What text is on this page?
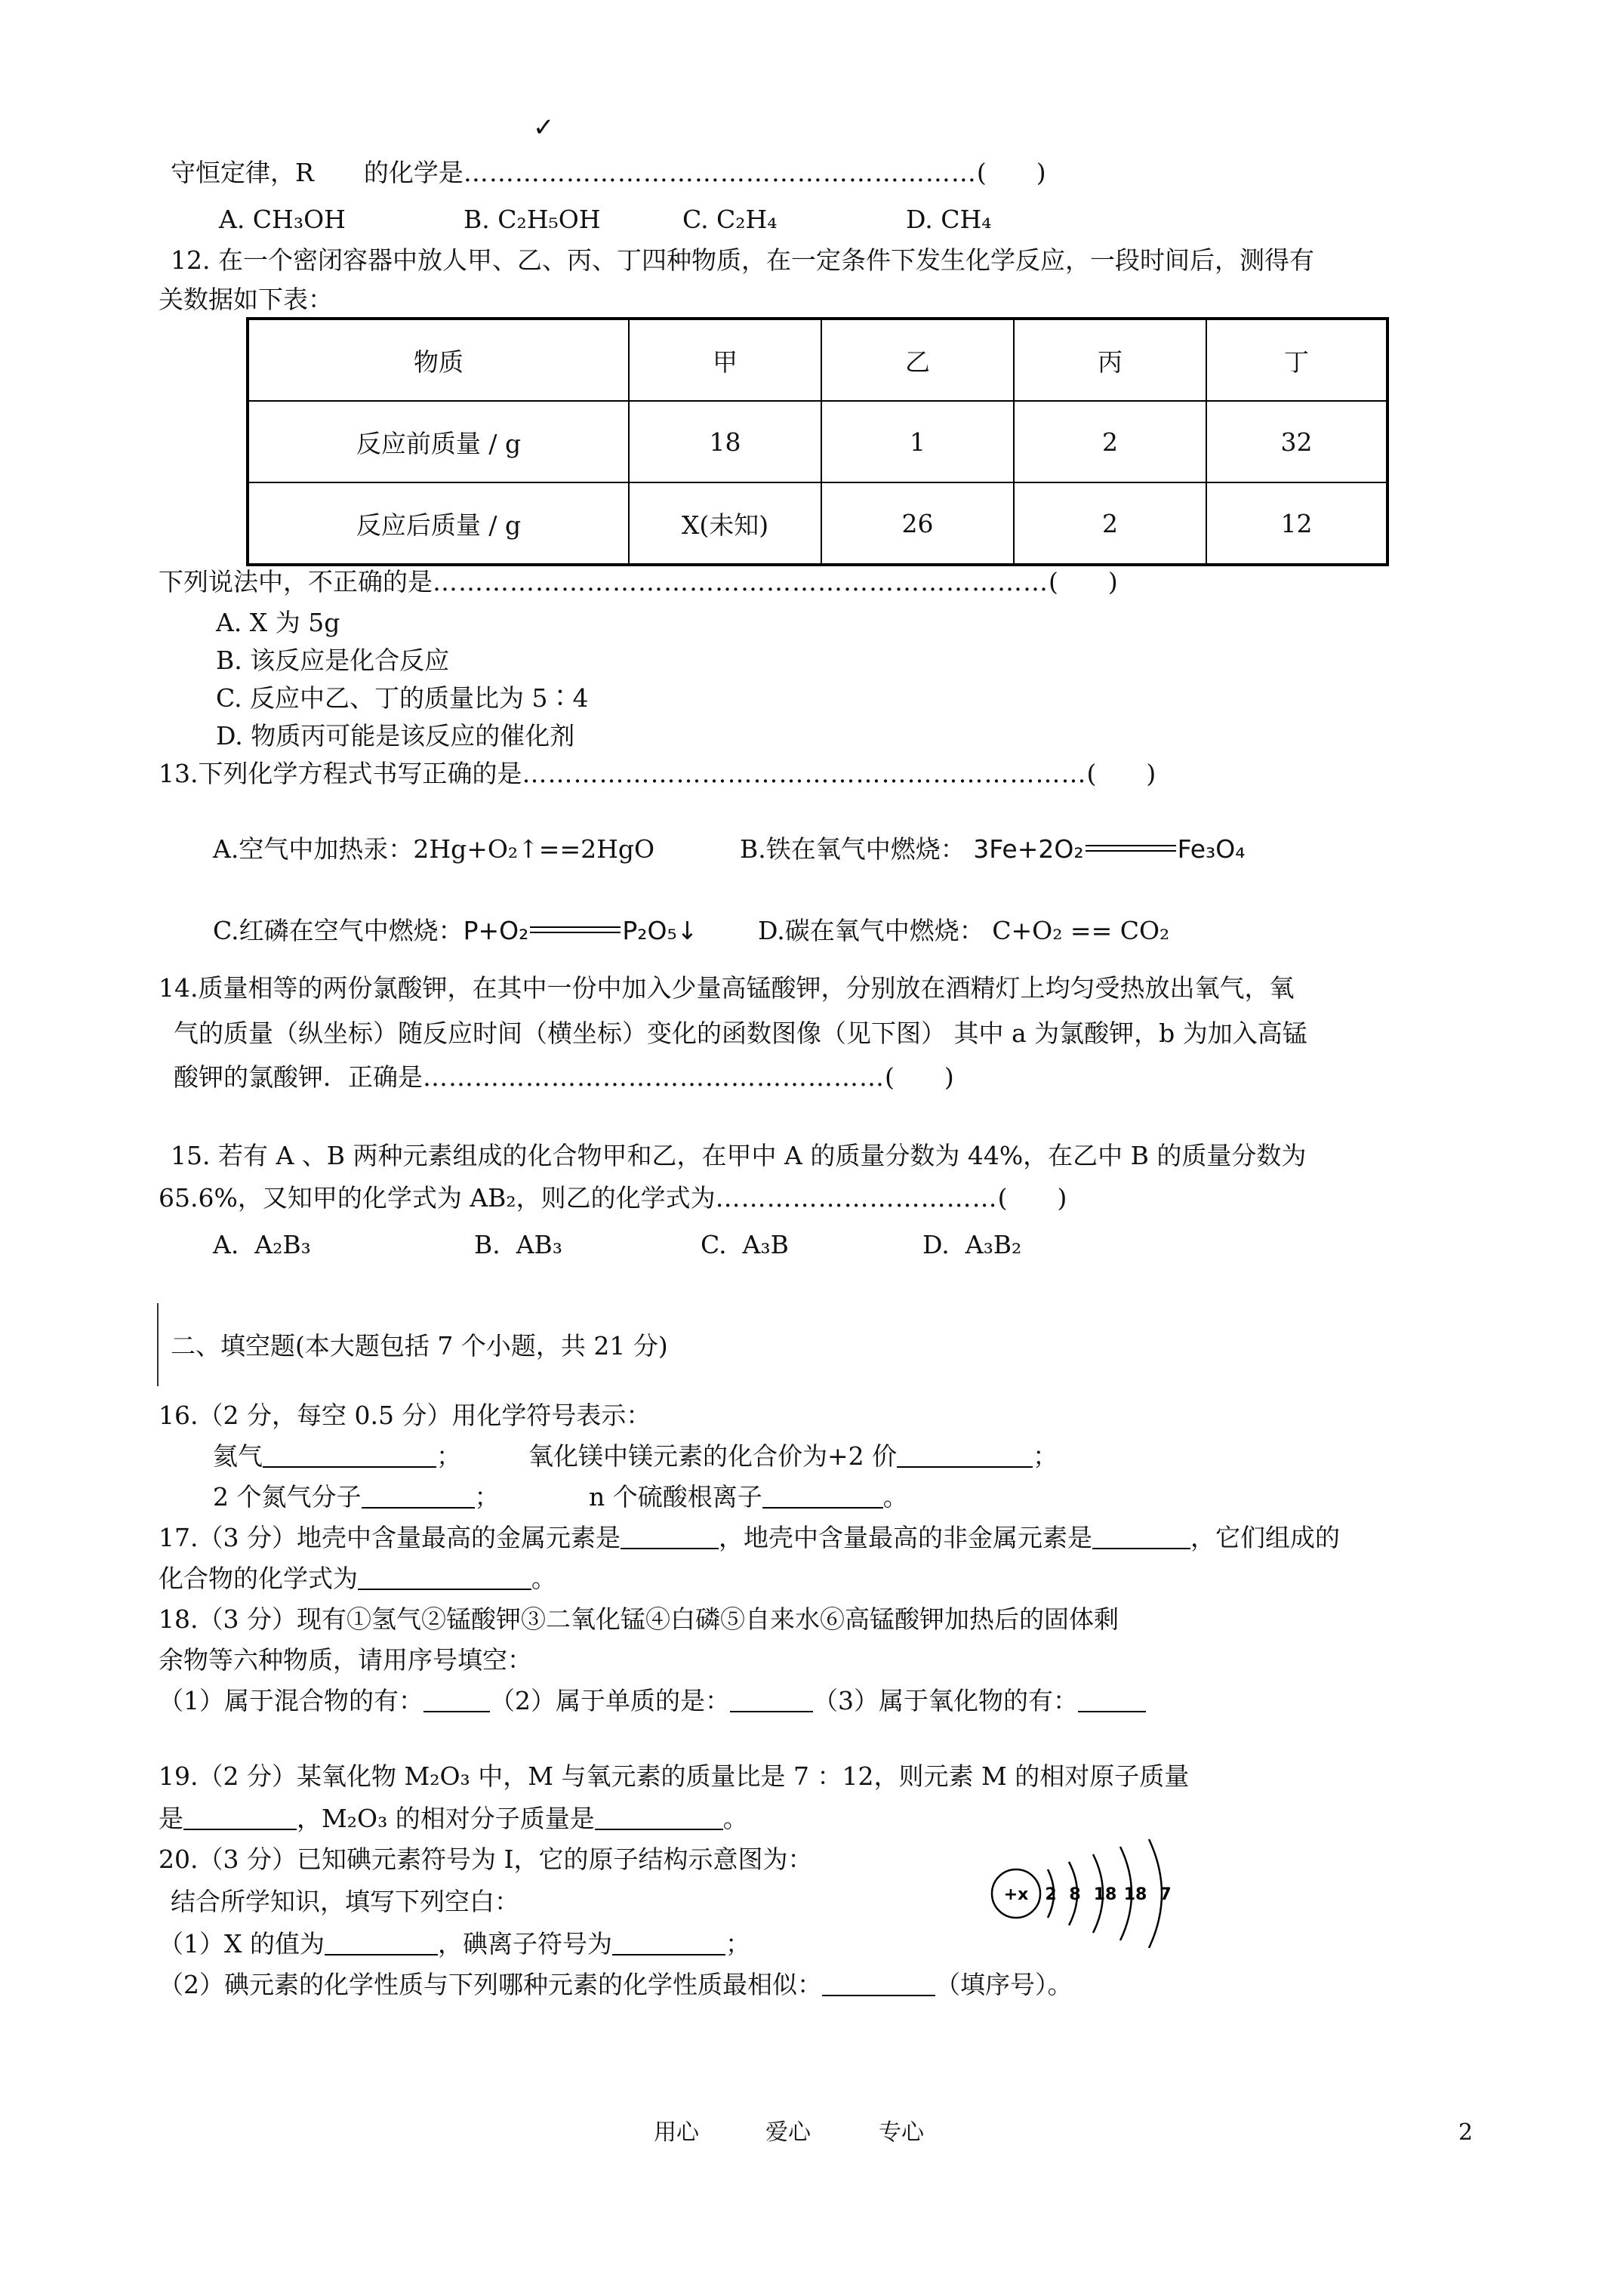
✓
守恒定律，R　　的化学是……………………………………………………(　　)
A. CH₃OH	B. C₂H₅OH	C. C₂H₄	D. CH₄
12. 在一个密闭容器中放人甲、乙、丙、丁四种物质，在一定条件下发生化学反应，一段时间后，测得有
关数据如下表：
物质	甲	乙	丙	丁
反应前质量 / g	18	1	2	32
反应后质量 / g	X(未知)	26	2	12
下列说法中，不正确的是………………………………………………………………(　　)
A. X 为 5g
B. 该反应是化合反应
C. 反应中乙、丁的质量比为 5∶4
D. 物质丙可能是该反应的催化剂
13.下列化学方程式书写正确的是…………………………………………………………(　　)
A.空气中加热汞：2Hg+O₂↑==2HgO	B.铁在氧气中燃烧： 3Fe+2O₂	Fe₃O₄
C.红磷在空气中燃烧：P+O₂	P₂O₅↓ D.碳在氧气中燃烧： C+O₂ == CO₂
14.质量相等的两份氯酸钾，在其中一份中加入少量高锰酸钾，分别放在酒精灯上均匀受热放出氧气，氧
气的质量（纵坐标）随反应时间（横坐标）变化的函数图像（见下图） 其中 a 为氯酸钾，b 为加入高锰
酸钾的氯酸钾．正确是………………………………………………(　　)
15. 若有 A 、B 两种元素组成的化合物甲和乙，在甲中 A 的质量分数为 44%，在乙中 B 的质量分数为
65.6%，又知甲的化学式为 AB₂，则乙的化学式为……………………………(　　)
A.  A₂B₃	B.  AB₃	C.  A₃B	D.  A₃B₂
二、填空题(本大题包括 7 个小题，共 21 分)
16.（2 分，每空 0.5 分）用化学符号表示：
氦气	；	氧化镁中镁元素的化合价为+2 价	；
2 个氮气分子	；	n 个硫酸根离子	。
17.（3 分）地壳中含量最高的金属元素是	，地壳中含量最高的非金属元素是	，它们组成的
化合物的化学式为	。
18.（3 分）现有①氢气②锰酸钾③二氧化锰④白磷⑤自来水⑥高锰酸钾加热后的固体剩
余物等六种物质，请用序号填空：
（1）属于混合物的有：	（2）属于单质的是：	（3）属于氧化物的有：
19.（2 分）某氧化物 M₂O₃ 中，M 与氧元素的质量比是 7 ：12，则元素 M 的相对原子质量
是	，M₂O₃ 的相对分子质量是	。
20.（3 分）已知碘元素符号为 I，它的原子结构示意图为：
结合所学知识，填写下列空白：
（1）X 的值为	，碘离子符号为	；
（2）碘元素的化学性质与下列哪种元素的化学性质最相似：	（填序号）。
+x 2 8 18 18 7
用心	爱心	专心	2
